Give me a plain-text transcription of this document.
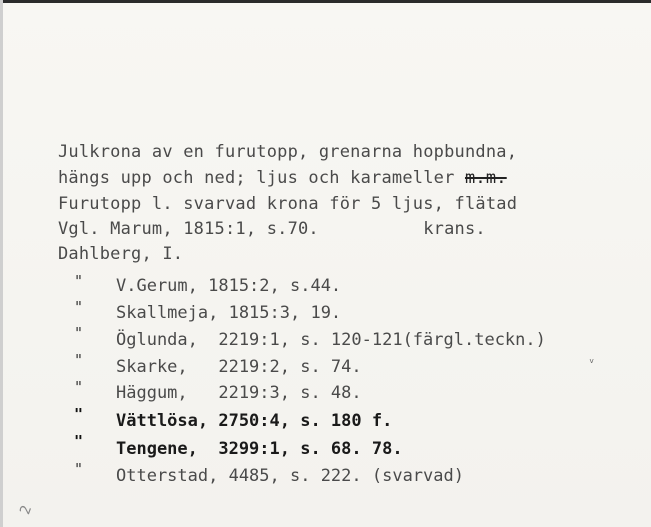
Julkrona av en furutopp, grenarna hopbundna,
hängs upp och ned; ljus och karameller m.m.
Furutopp l. svarvad krona för 5 ljus, flätad
Vgl. Marum, 1815:1, s.70.          krans.
Dahlberg, I.
" V.Gerum, 1815:2, s.44.
" Skallmeja, 1815:3, 19.
" Öglunda,  2219:1, s. 120-121(färgl.teckn.)
" Skarke,   2219:2, s. 74.
" Häggum,   2219:3, s. 48.
" Vättlösa, 2750:4, s. 180 f.
" Tengene,  3299:1, s. 68. 78.
" Otterstad, 4485, s. 222. (svarvad)
ᵥ
2
